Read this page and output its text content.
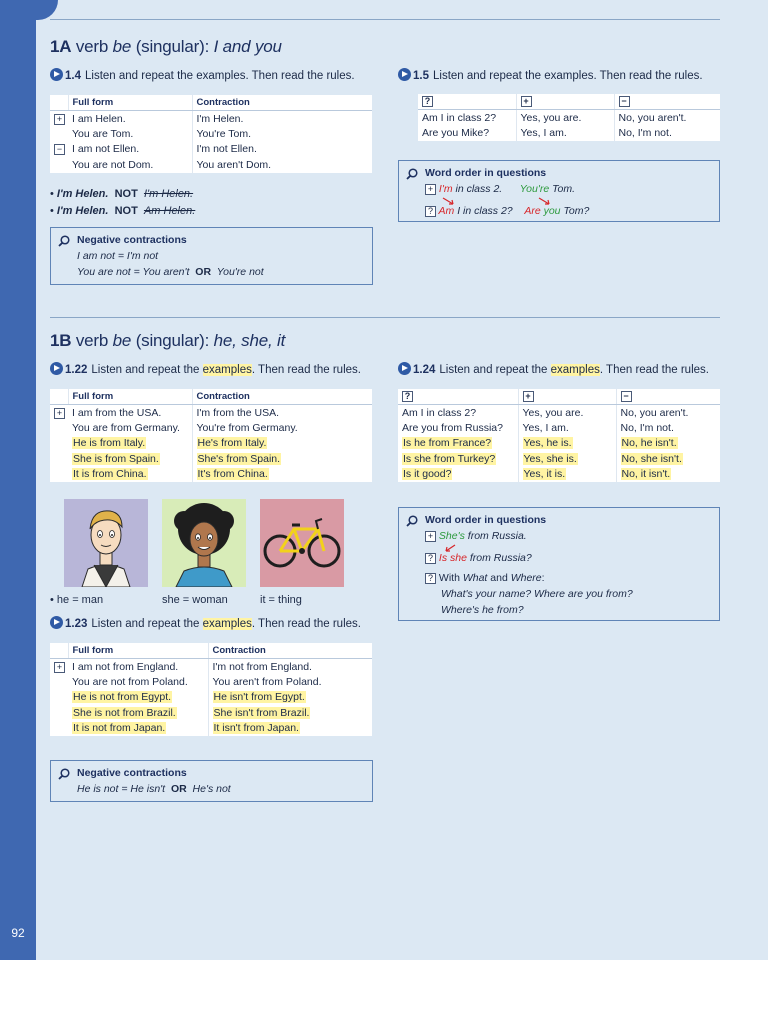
92
1A verb be (singular): I and you
1.4 Listen and repeat the examples. Then read the rules.
	Full form	Contraction
+	I am Helen.	I'm Helen.
	You are Tom.	You're Tom.
−	I am not Ellen.	I'm not Ellen.
	You are not Dom.	You aren't Dom.
• I'm Helen. NOT I'm Helen.
• I'm Helen. NOT Am Helen.
Negative contractions
I am not = I'm not
You are not = You aren't OR You're not
1.5 Listen and repeat the examples. Then read the rules.
?	+	−
Am I in class 2?	Yes, you are.	No, you aren't.
Are you Mike?	Yes, I am.	No, I'm not.
Word order in questions
+ I'm in class 2. You're Tom.
? Am I in class 2? Are you Tom?
1B verb be (singular): he, she, it
1.22 Listen and repeat the examples. Then read the rules.
	Full form	Contraction
+	I am from the USA.	I'm from the USA.
	You are from Germany.	You're from Germany.
	He is from Italy.	He's from Italy.
	She is from Spain.	She's from Spain.
	It is from China.	It's from China.
• he = man	she = woman	it = thing
1.23 Listen and repeat the examples. Then read the rules.
	Full form	Contraction
+	I am not from England.	I'm not from England.
	You are not from Poland.	You aren't from Poland.
	He is not from Egypt.	He isn't from Egypt.
	She is not from Brazil.	She isn't from Brazil.
	It is not from Japan.	It isn't from Japan.
Negative contractions
He is not = He isn't OR He's not
1.24 Listen and repeat the examples. Then read the rules.
?	+	−
Am I in class 2?	Yes, you are.	No, you aren't.
Are you from Russia?	Yes, I am.	No, I'm not.
Is he from France?	Yes, he is.	No, he isn't.
Is she from Turkey?	Yes, she is.	No, she isn't.
Is it good?	Yes, it is.	No, it isn't.
Word order in questions
+ She's from Russia.
? Is she from Russia?
? With What and Where:
What's your name? Where are you from?
Where's he from?
